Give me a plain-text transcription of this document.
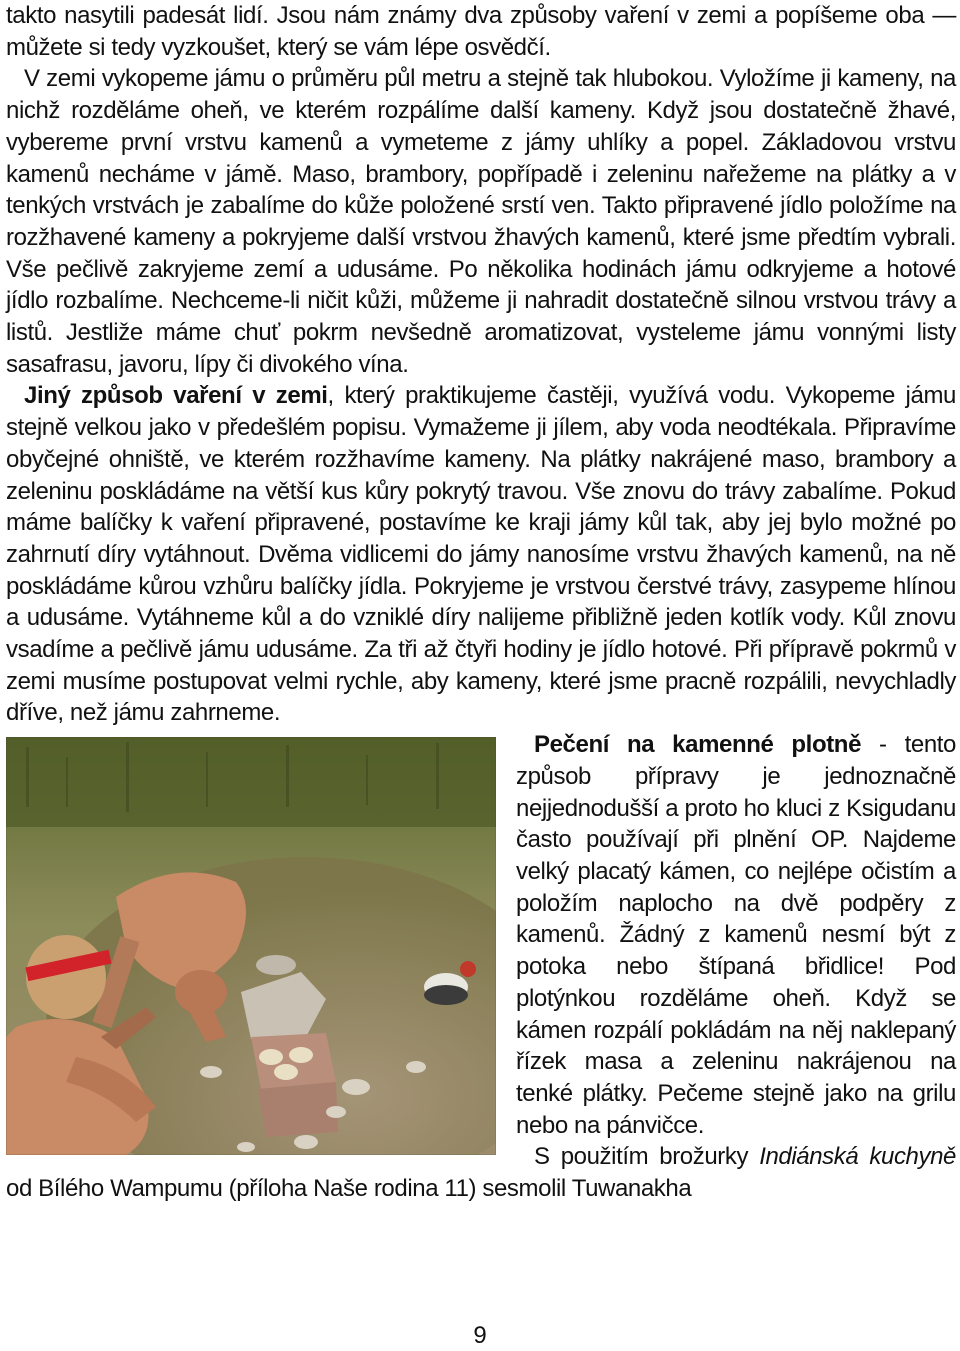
takto nasytili padesát lidí. Jsou nám známy dva způsoby vaření v zemi a popíšeme oba — můžete si tedy vyzkoušet, který se vám lépe osvědčí.

V zemi vykopeme jámu o průměru půl metru a stejně tak hlubokou. Vyložíme ji kameny, na nichž rozděláme oheň, ve kterém rozpálíme další kameny. Když jsou dostatečně žhavé, vybereme první vrstvu kamenů a vymeteme z jámy uhlíky a popel. Základovou vrstvu kamenů necháme v jámě. Maso, brambory, popřípadě i zeleninu nařežeme na plátky a v tenkých vrstvách je zabalíme do kůže položené srstí ven. Takto připravené jídlo položíme na rozžhavené kameny a pokryjeme další vrstvou žhavých kamenů, které jsme předtím vybrali. Vše pečlivě zakryjeme zemí a udusáme. Po několika hodinách jámu odkryjeme a hotové jídlo rozbalíme. Nechceme-li ničit kůži, můžeme ji nahradit dostatečně silnou vrstvou trávy a listů. Jestliže máme chuť pokrm nevšedně aromatizovat, vysteleme jámu vonnými listy sasafrasu, javoru, lípy či divokého vína.

Jiný způsob vaření v zemi, který praktikujeme častěji, využívá vodu. Vykopeme jámu stejně velkou jako v předešlém popisu. Vymažeme ji jílem, aby voda neodtékala. Připravíme obyčejné ohniště, ve kterém rozžhavíme kameny. Na plátky nakrájené maso, brambory a zeleninu poskládáme na větší kus kůry pokrytý travou. Vše znovu do trávy zabalíme. Pokud máme balíčky k vaření připravené, postavíme ke kraji jámy kůl tak, aby jej bylo možné po zahrnutí díry vytáhnout. Dvěma vidlicemi do jámy nanosíme vrstvu žhavých kamenů, na ně poskládáme kůrou vzhůru balíčky jídla. Pokryjeme je vrstvou čerstvé trávy, zasypeme hlínou a udusáme. Vytáhneme kůl a do vzniklé díry nalijeme přibližně jeden kotlík vody. Kůl znovu vsadíme a pečlivě jámu udusáme. Za tři až čtyři hodiny je jídlo hotové. Při přípravě pokrmů v zemi musíme postupovat velmi rychle, aby kameny, které jsme pracně rozpálili, nevychladly dříve, než jámu zahrneme.

Pečení na kamenné plotně - tento způsob přípravy je jednoznačně nejjednodušší a proto ho kluci z Ksigudanu často používají při plnění OP. Najdeme velký placatý kámen, co nejlépe očistím a položím naplocho na dvě podpěry z kamenů. Žádný z kamenů nesmí být z potoka nebo štípaná břidlice! Pod plotýnkou rozděláme oheň. Když se kámen rozpálí pokládám na něj naklepaný řízek masa a zeleninu nakrájenou na tenké plátky. Pečeme stejně jako na grilu nebo na pánvičce.

S použitím brožurky Indiánská kuchyně od Bílého Wampumu (příloha Naše rodina 11) sesmolil Tuwanakha

9
